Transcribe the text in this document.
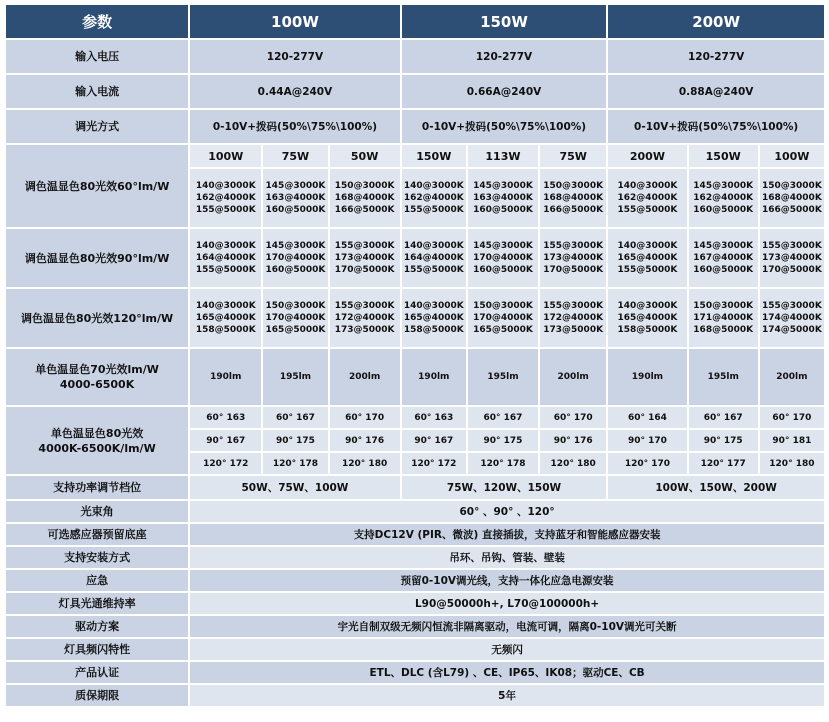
参数	100W			150W			200W		
输入电压	120-277V			120-277V			120-277V		
输入电流	0.44A@240V			0.66A@240V			0.88A@240V		
调光方式	0-10V+拨码(50%\75%\100%)			0-10V+拨码(50%\75%\100%)			0-10V+拨码(50%\75%\100%)		
调色温显色80光效60°lm/W	100W	75W	50W	150W	113W	75W	200W	150W	100W

	140@3000K
162@4000K
155@5000K	145@3000K
163@4000K
160@5000K	150@3000K
168@4000K
166@5000K	140@3000K
162@4000K
155@5000K	145@3000K
163@4000K
160@5000K	150@3000K
168@4000K
166@5000K	140@3000K
162@4000K
155@5000K	145@3000K
162@4000K
160@5000K	150@3000K
168@4000K
166@5000K

调色温显色80光效90°lm/W	140@3000K
164@4000K
155@5000K	145@3000K
170@4000K
160@5000K	155@3000K
173@4000K
170@5000K	140@3000K
164@4000K
155@5000K	145@3000K
170@4000K
160@5000K	155@3000K
173@4000K
170@5000K	140@3000K
165@4000K
155@5000K	145@3000K
167@4000K
160@5000K	155@3000K
173@4000K
170@5000K

调色温显色80光效120°lm/W	140@3000K
165@4000K
158@5000K	150@3000K
170@4000K
165@5000K	155@3000K
172@4000K
173@5000K	140@3000K
165@4000K
158@5000K	150@3000K
170@4000K
165@5000K	155@3000K
172@4000K
173@5000K	140@3000K
165@4000K
158@5000K	150@3000K
171@4000K
168@5000K	155@3000K
174@4000K
174@5000K

单色温显色70光效lm/W
4000-6500K	190lm	195lm	200lm	190lm	195lm	200lm	190lm	195lm	200lm
单色温显色80光效
4000K-6500K/lm/W	60° 163	60° 167	60° 170	60° 163	60° 167	60° 170	60° 164	60° 167	60° 170
	90° 167	90° 175	90° 176	90° 167	90° 175	90° 176	90° 170	90° 175	90° 181
	120° 172	120° 178	120° 180	120° 172	120° 178	120° 180	120° 170	120° 177	120° 180
支持功率调节档位	50W、75W、100W			75W、120W、150W			100W、150W、200W		
光束角	60° 、90° 、120°								
可选感应器预留底座	支持DC12V (PIR、微波) 直接插拔，支持蓝牙和智能感应器安装								
支持安装方式	吊环、吊钩、管装、壁装								
应急	预留0-10V调光线，支持一体化应急电源安装								
灯具光通维持率	L90@50000h+, L70@100000h+								
驱动方案	宇光自制双级无频闪恒流非隔离驱动，电流可调，隔离0-10V调光可关断								
灯具频闪特性	无频闪								
产品认证	ETL、DLC (含L79) 、CE、IP65、IK08；驱动CE、CB								
质保期限	5年								
